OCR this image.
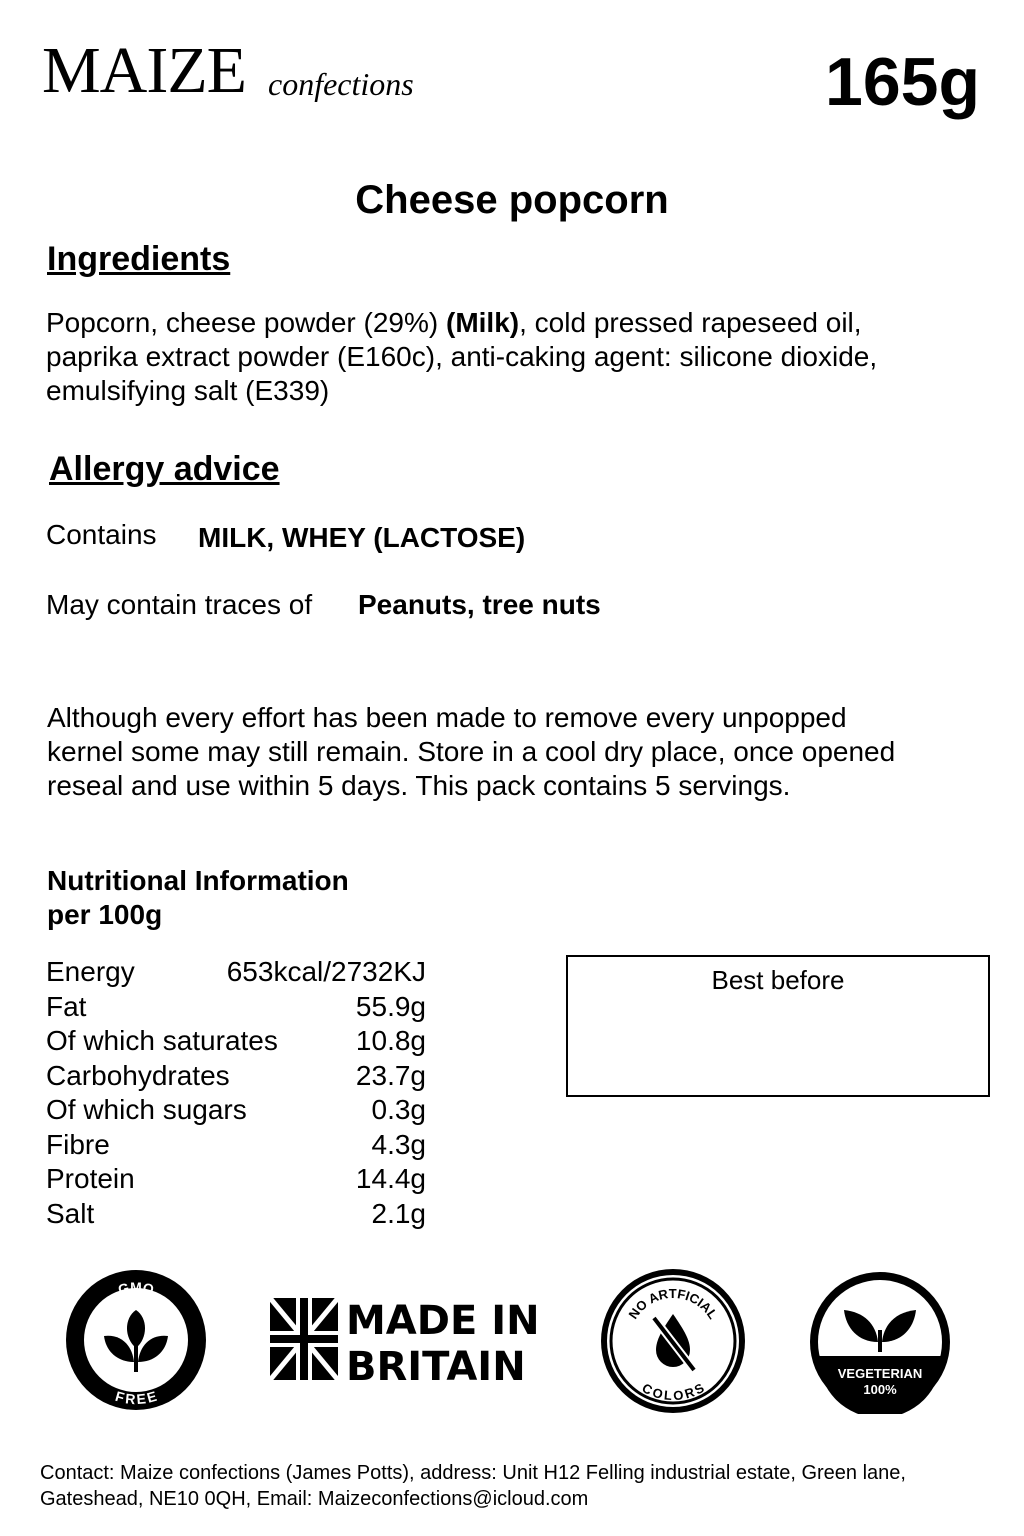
MAIZE confections	165g
Cheese popcorn
Ingredients
Popcorn, cheese powder (29%) (Milk), cold pressed rapeseed oil,
paprika extract powder (E160c), anti-caking agent: silicone dioxide,
emulsifying salt (E339)
Allergy advice
Contains MILK, WHEY (LACTOSE)
May contain traces of Peanuts, tree nuts
Although every effort has been made to remove every unpopped
kernel some may still remain. Store in a cool dry place, once opened
reseal and use within 5 days. This pack contains 5 servings.
Nutritional Information
per 100g
Energy	653kcal/2732KJ
Fat	55.9g
Of which saturates	10.8g
Carbohydrates	23.7g
Of which sugars	0.3g
Fibre	4.3g
Protein	14.4g
Salt	2.1g
Best before
GMO
FREE
MADE IN
BRITAIN
NO ARTFICIAL
COLORS
VEGETERIAN
100%
Contact: Maize confections (James Potts), address: Unit H12 Felling industrial estate, Green lane,
Gateshead, NE10 0QH, Email: Maizeconfections@icloud.com
